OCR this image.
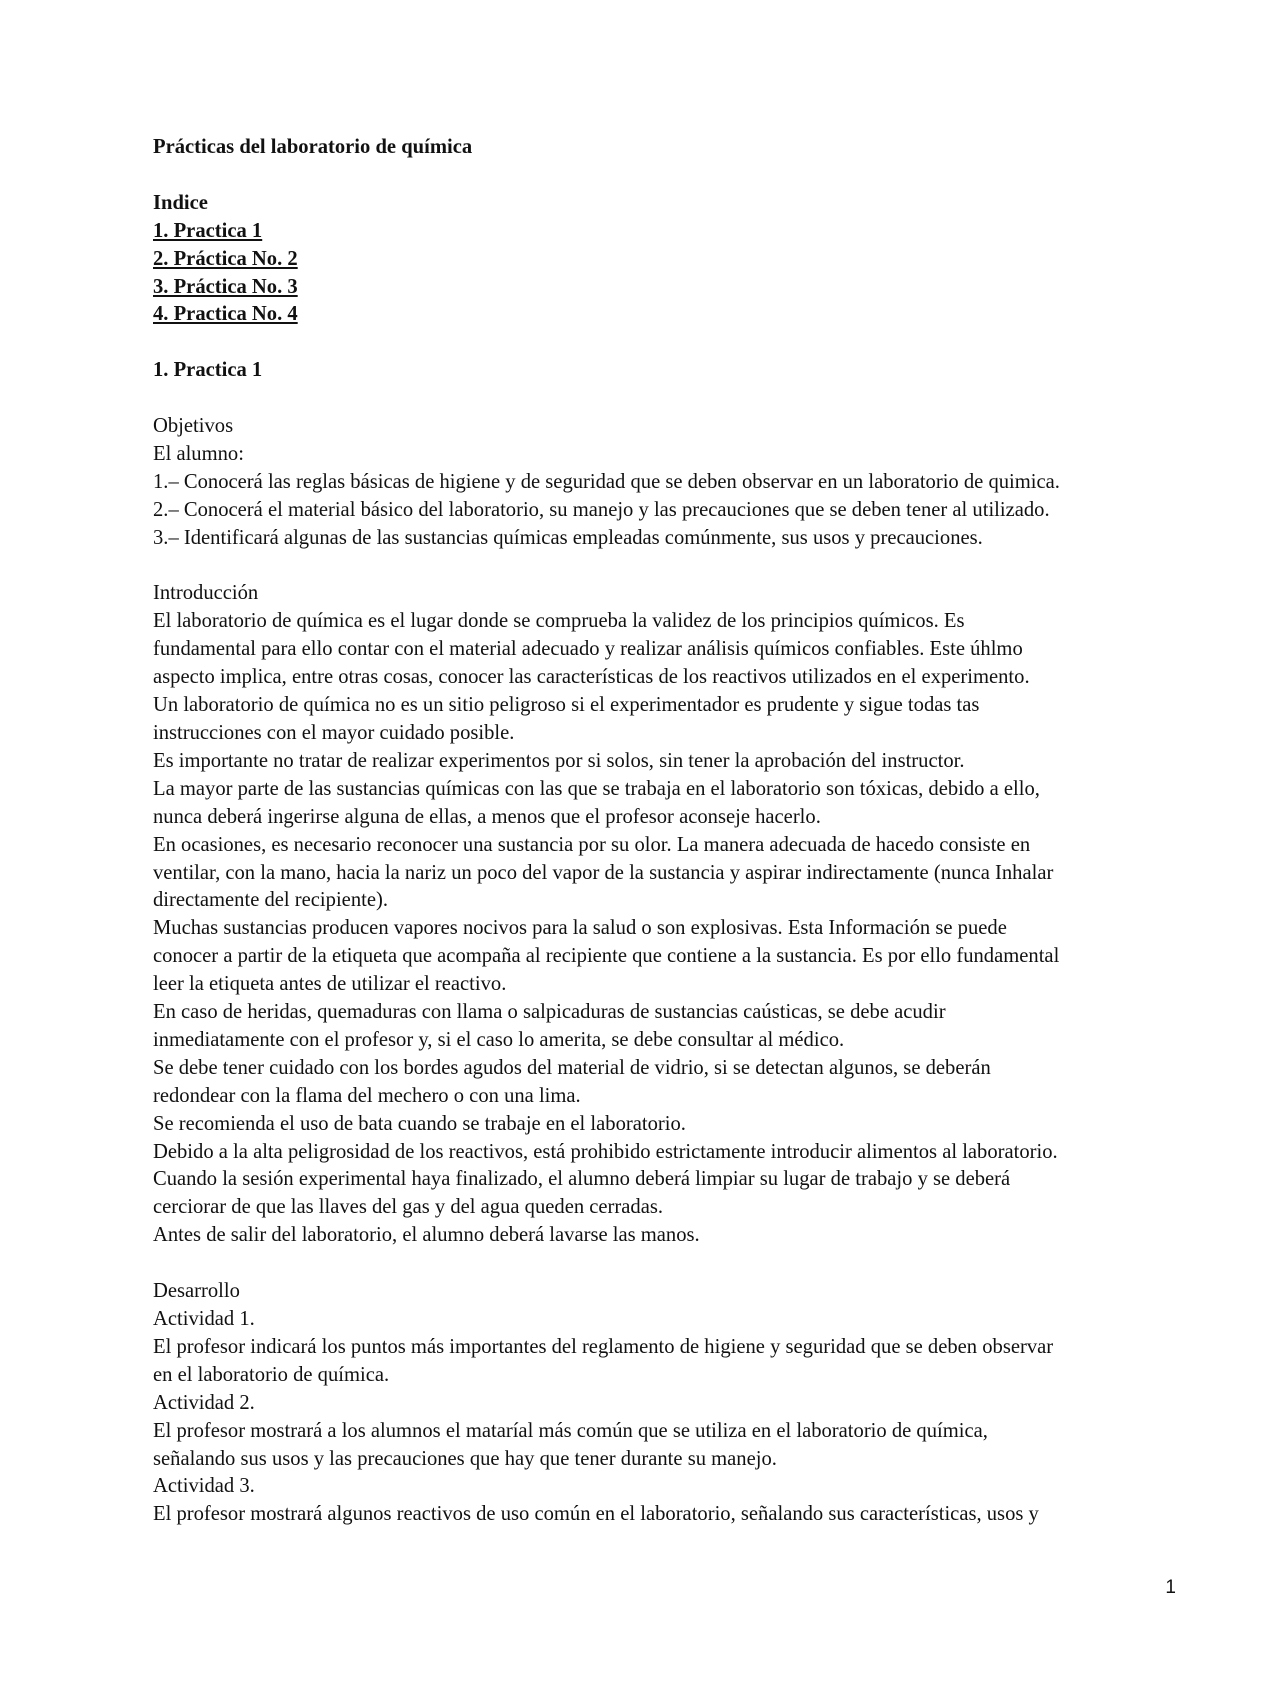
Prácticas del laboratorio de química
Indice
1. Practica 1
2. Práctica No. 2
3. Práctica No. 3
4. Practica No. 4
1. Practica 1
Objetivos
El alumno:
1.– Conocerá las reglas básicas de higiene y de seguridad que se deben observar en un laboratorio de quimica.
2.– Conocerá el material básico del laboratorio, su manejo y las precauciones que se deben tener al utilizado.
3.– Identificará algunas de las sustancias químicas empleadas comúnmente, sus usos y precauciones.
Introducción
El laboratorio de química es el lugar donde se comprueba la validez de los principios químicos. Es
fundamental para ello contar con el material adecuado y realizar análisis químicos confiables. Este úhlmo
aspecto implica, entre otras cosas, conocer las características de los reactivos utilizados en el experimento.
Un laboratorio de química no es un sitio peligroso si el experimentador es prudente y sigue todas tas
instrucciones con el mayor cuidado posible.
Es importante no tratar de realizar experimentos por si solos, sin tener la aprobación del instructor.
La mayor parte de las sustancias químicas con las que se trabaja en el laboratorio son tóxicas, debido a ello,
nunca deberá ingerirse alguna de ellas, a menos que el profesor aconseje hacerlo.
En ocasiones, es necesario reconocer una sustancia por su olor. La manera adecuada de hacedo consiste en
ventilar, con la mano, hacia la nariz un poco del vapor de la sustancia y aspirar indirectamente (nunca Inhalar
directamente del recipiente).
Muchas sustancias producen vapores nocivos para la salud o son explosivas. Esta Información se puede
conocer a partir de la etiqueta que acompaña al recipiente que contiene a la sustancia. Es por ello fundamental
leer la etiqueta antes de utilizar el reactivo.
En caso de heridas, quemaduras con llama o salpicaduras de sustancias caústicas, se debe acudir
inmediatamente con el profesor y, si el caso lo amerita, se debe consultar al médico.
Se debe tener cuidado con los bordes agudos del material de vidrio, si se detectan algunos, se deberán
redondear con la flama del mechero o con una lima.
Se recomienda el uso de bata cuando se trabaje en el laboratorio.
Debido a la alta peligrosidad de los reactivos, está prohibido estrictamente introducir alimentos al laboratorio.
Cuando la sesión experimental haya finalizado, el alumno deberá limpiar su lugar de trabajo y se deberá
cerciorar de que las llaves del gas y del agua queden cerradas.
Antes de salir del laboratorio, el alumno deberá lavarse las manos.
Desarrollo
Actividad 1.
El profesor indicará los puntos más importantes del reglamento de higiene y seguridad que se deben observar
en el laboratorio de química.
Actividad 2.
El profesor mostrará a los alumnos el mataríal más común que se utiliza en el laboratorio de química,
señalando sus usos y las precauciones que hay que tener durante su manejo.
Actividad 3.
El profesor mostrará algunos reactivos de uso común en el laboratorio, señalando sus características, usos y
1
